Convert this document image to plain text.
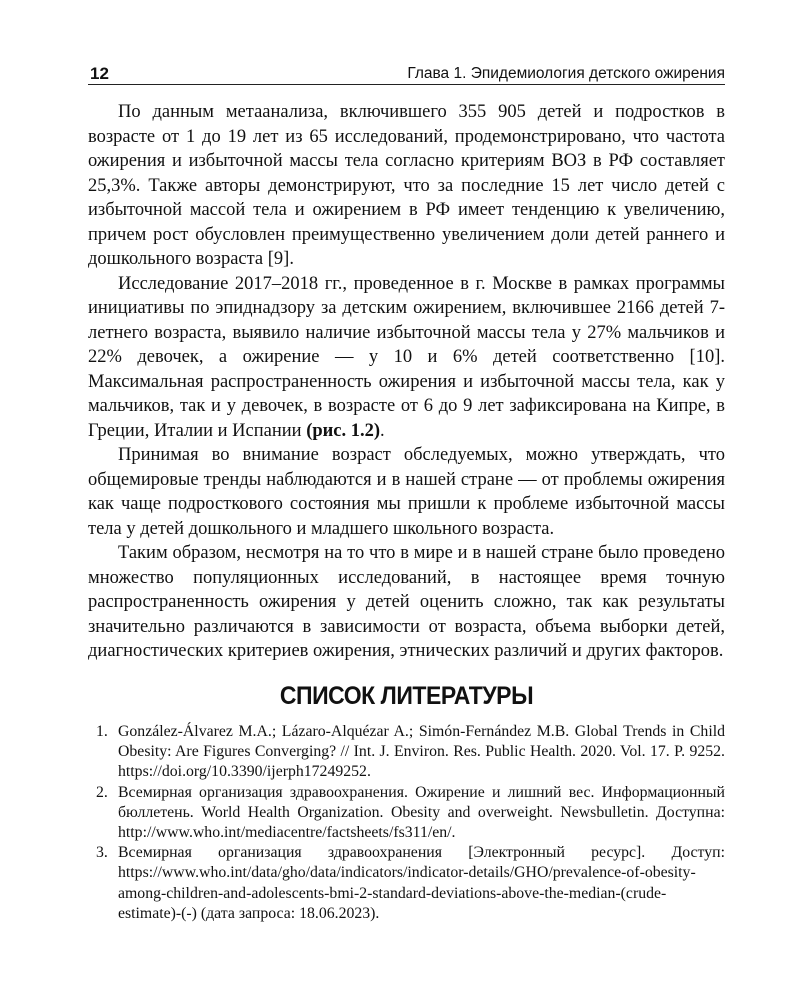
12	Глава 1. Эпидемиология детского ожирения

По данным метаанализа, включившего 355 905 детей и подростков в возрасте от 1 до 19 лет из 65 исследований, продемонстрировано, что частота ожирения и избыточной массы тела согласно критериям ВОЗ в РФ составляет 25,3%. Также авторы демонстрируют, что за последние 15 лет число детей с избыточной массой тела и ожирением в РФ имеет тенденцию к увеличению, причем рост обусловлен преимущественно увеличением доли детей раннего и дошкольного возраста [9].

Исследование 2017–2018 гг., проведенное в г. Москве в рамках программы инициативы по эпиднадзору за детским ожирением, включившее 2166 детей 7-летнего возраста, выявило наличие избыточной массы тела у 27% мальчиков и 22% девочек, а ожирение — у 10 и 6% детей соответственно [10]. Максимальная распространенность ожирения и избыточной массы тела, как у мальчиков, так и у девочек, в возрасте от 6 до 9 лет зафиксирована на Кипре, в Греции, Италии и Испании (рис. 1.2).

Принимая во внимание возраст обследуемых, можно утверждать, что общемировые тренды наблюдаются и в нашей стране — от проблемы ожирения как чаще подросткового состояния мы пришли к проблеме избыточной массы тела у детей дошкольного и младшего школьного возраста.

Таким образом, несмотря на то что в мире и в нашей стране было проведено множество популяционных исследований, в настоящее время точную распространенность ожирения у детей оценить сложно, так как результаты значительно различаются в зависимости от возраста, объема выборки детей, диагностических критериев ожирения, этнических различий и других факторов.

СПИСОК ЛИТЕРАТУРЫ
1. González-Álvarez M.A.; Lázaro-Alquézar A.; Simón-Fernández M.B. Global Trends in Child Obesity: Are Figures Converging? // Int. J. Environ. Res. Public Health. 2020. Vol. 17. P. 9252. https://doi.org/10.3390/ijerph17249252.
2. Всемирная организация здравоохранения. Ожирение и лишний вес. Информационный бюллетень. World Health Organization. Obesity and overweight. Newsbulletin. Доступна: http://www.who.int/mediacentre/factsheets/fs311/en/.
3. Всемирная организация здравоохранения [Электронный ресурс]. Доступ: https://www.who.int/data/gho/data/indicators/indicator-details/GHO/prevalence-of-obesity-among-children-and-adolescents-bmi-2-standard-deviations-above-the-median-(crude-estimate)-(-) (дата запроса: 18.06.2023).
